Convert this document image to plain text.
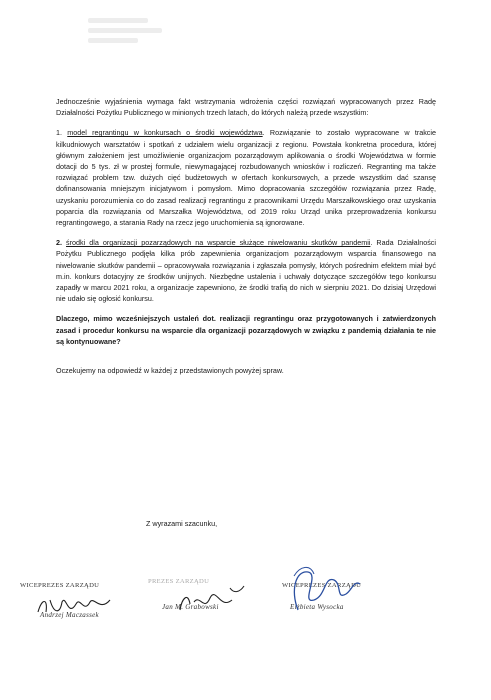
Jednocześnie wyjaśnienia wymaga fakt wstrzymania wdrożenia części rozwiązań wypracowanych przez Radę Działalności Pożytku Publicznego w minionych trzech latach, do których należą przede wszystkim:

1. model regrantingu w konkursach o środki województwa. Rozwiązanie to zostało wypracowane w trakcie kilkudniowych warsztatów i spotkań z udziałem wielu organizacji z regionu. Powstała konkretna procedura, której głównym założeniem jest umożliwienie organizacjom pozarządowym aplikowania o środki Województwa w formie dotacji do 5 tys. zł w prostej formule, niewymagającej rozbudowanych wniosków i rozliczeń. Regranting ma także rozwiązać problem tzw. dużych cięć budżetowych w ofertach konkursowych, a przede wszystkim dać szansę dofinansowania mniejszym inicjatywom i pomysłom. Mimo dopracowania szczegółów rozwiązania przez Radę, uzyskaniu porozumienia co do zasad realizacji regrantingu z pracownikami Urzędu Marszałkowskiego oraz uzyskania poparcia dla rozwiązania od Marszałka Województwa, od 2019 roku Urząd unika przeprowadzenia konkursu regrantingowego, a starania Rady na rzecz jego uruchomienia są ignorowane.

2. środki dla organizacji pozarządowych na wsparcie służące niwelowaniu skutków pandemii. Rada Działalności Pożytku Publicznego podjęła kilka prób zapewnienia organizacjom pozarządowym wsparcia finansowego na niwelowanie skutków pandemii – opracowywała rozwiązania i zgłaszała pomysły, których pośrednim efektem miał być m.in. konkurs dotacyjny ze środków unijnych. Niezbędne ustalenia i uchwały dotyczące szczegółów tego konkursu zapadły w marcu 2021 roku, a organizacje zapewniono, że środki trafią do nich w sierpniu 2021. Do dzisiaj Urzędowi nie udało się ogłosić konkursu.

Dlaczego, mimo wcześniejszych ustaleń dot. realizacji regrantingu oraz przygotowanych i zatwierdzonych zasad i procedur konkursu na wsparcie dla organizacji pozarządowych w związku z pandemią działania te nie są kontynuowane?

Oczekujemy na odpowiedź w każdej z przedstawionych powyżej spraw.

Z wyrazami szacunku,
WICEPREZES ZARZĄDU
Andrzej Maczassek
PREZES ZARZĄDU
Jan M. Grabowski
WICEPREZES ZARZĄDU
Elżbieta Wysocka
